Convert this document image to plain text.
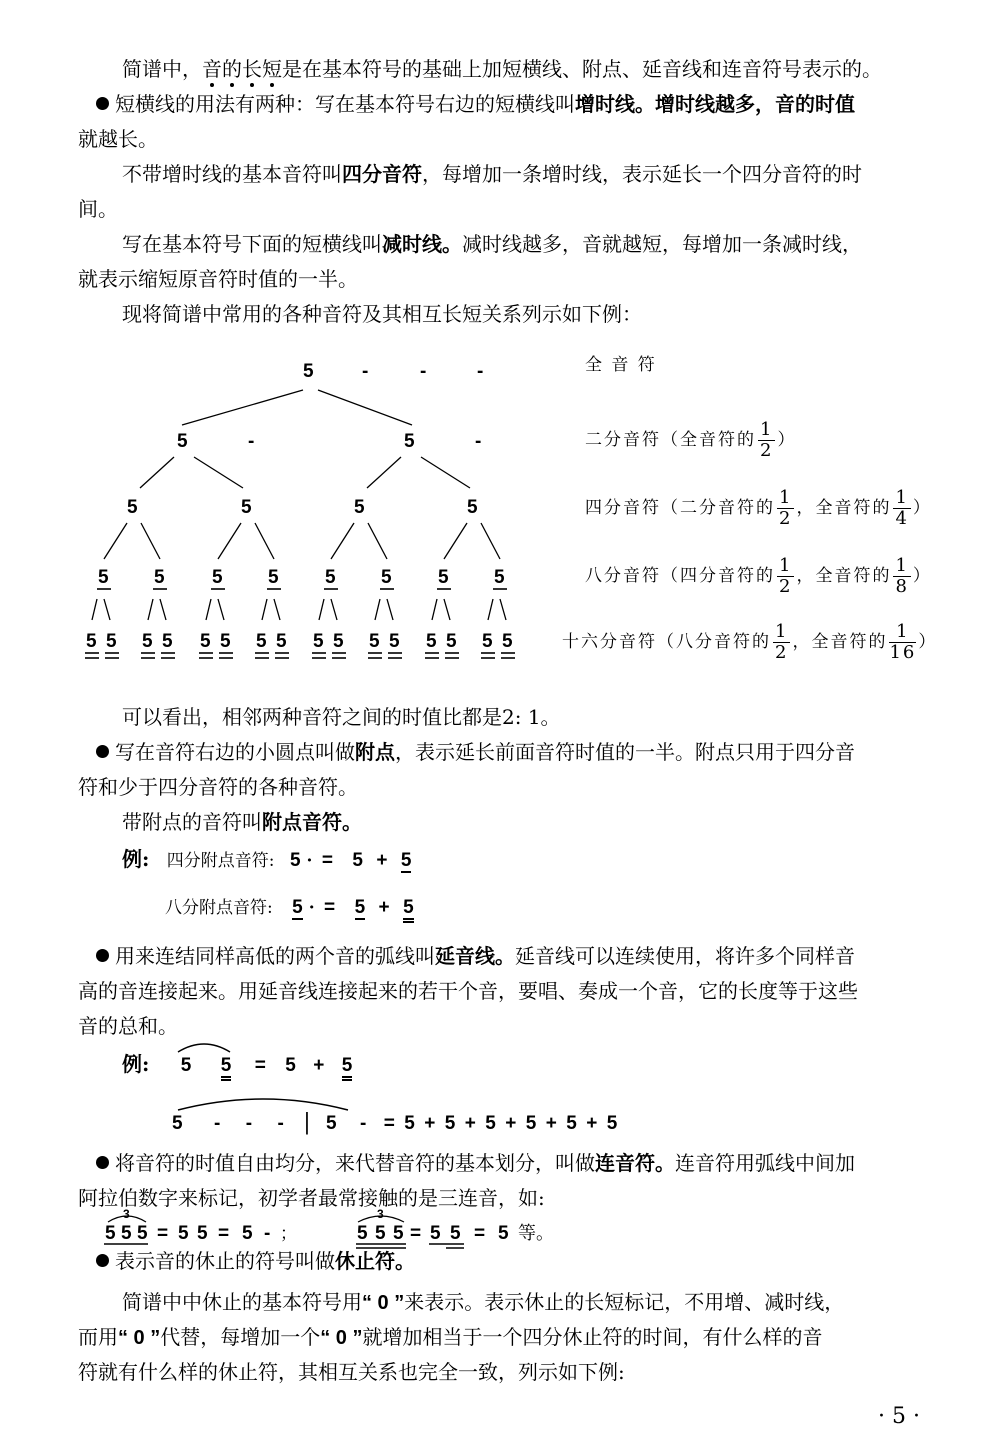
简谱中，音的长短是在基本符号的基础上加短横线、附点、延音线和连音符号表示的。
短横线的用法有两种：写在基本符号右边的短横线叫增时线。增时线越多，音的时值
就越长。
不带增时线的基本音符叫四分音符，每增加一条增时线，表示延长一个四分音符的时
间。
写在基本符号下面的短横线叫减时线。减时线越多，音就越短，每增加一条减时线，
就表示缩短原音符时值的一半。
现将简谱中常用的各种音符及其相互长短关系列示如下例：
5	-	-	-
5	-	5	-
5	5	5	5
5 5 5 5 5 5 5 5
5 5 5 5 5 5 5 5 5 5 5 5 5 5 5 5
全 音 符
二分音符（全音符的 $\frac{1}{2}$ ）
四分音符（二分音符的 $\frac{1}{2}$ ，全音符的 $\frac{1}{4}$ ）
八分音符（四分音符的 $\frac{1}{2}$ ，全音符的 $\frac{1}{8}$ ）
十六分音符（八分音符的 $\frac{1}{2}$ ，全音符的 $\frac{1}{16}$ ）
可以看出，相邻两种音符之间的时值比都是2: 1。
写在音符右边的小圆点叫做附点，表示延长前面音符时值的一半。附点只用于四分音
符和少于四分音符的各种音符。
带附点的音符叫附点音符。
例: 四分附点音符: 5 · = 5 + 5
八分附点音符: 5 · = 5 + 5
用来连结同样高低的两个音的弧线叫延音线。延音线可以连续使用，将许多个同样音
高的音连接起来。用延音线连接起来的若干个音，要唱、奏成一个音，它的长度等于这些
音的总和。
例: 5 5 = 5 + 5
5 - - - | 5 - = 5 + 5 + 5 + 5 + 5 + 5
将音符的时值自由均分，来代替音符的基本划分，叫做连音符。连音符用弧线中间加
阿拉伯数字来标记，初学者最常接触的是三连音，如:
3
5 5 5 = 5 5 = 5 - ；
3
5 5 5 = 5 5 = 5 等。
表示音的休止的符号叫做休止符。
简谱中中休止的基本符号用“ 0 ”来表示。表示休止的长短标记，不用增、减时线，
而用“ 0 ”代替，每增加一个“ 0 ”就增加相当于一个四分休止符的时间，有什么样的音
符就有什么样的休止符，其相互关系也完全一致，列示如下例:
· 5 ·
